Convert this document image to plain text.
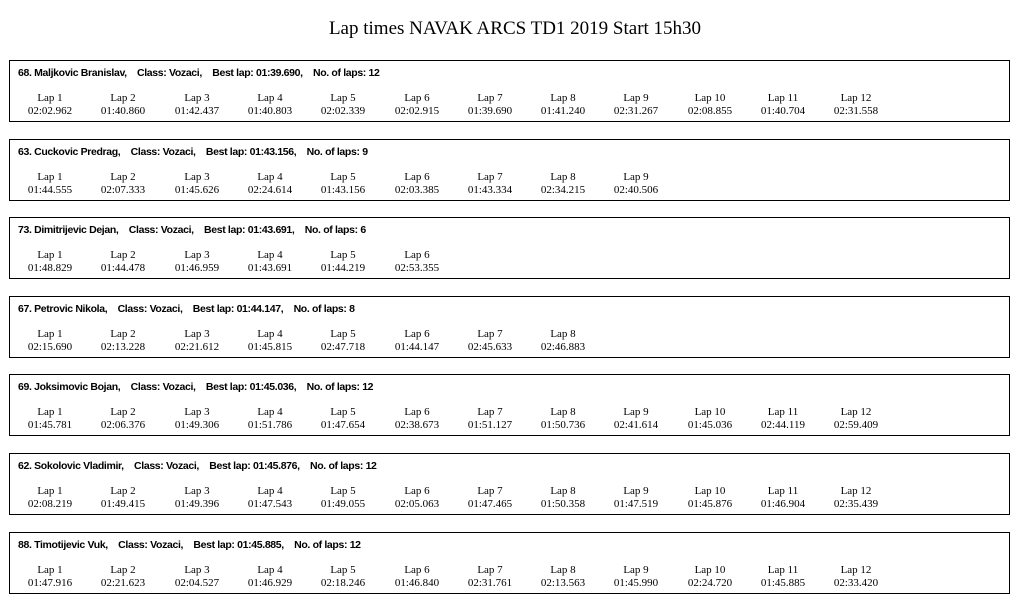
Lap times NAVAK ARCS TD1 2019 Start 15h30
68. Maljkovic Branislav, Class: Vozaci, Best lap: 01:39.690, No. of laps: 12
Lap 1
02:02.962
Lap 2
01:40.860
Lap 3
01:42.437
Lap 4
01:40.803
Lap 5
02:02.339
Lap 6
02:02.915
Lap 7
01:39.690
Lap 8
01:41.240
Lap 9
02:31.267
Lap 10
02:08.855
Lap 11
01:40.704
Lap 12
02:31.558
63. Cuckovic Predrag, Class: Vozaci, Best lap: 01:43.156, No. of laps: 9
Lap 1
01:44.555
Lap 2
02:07.333
Lap 3
01:45.626
Lap 4
02:24.614
Lap 5
01:43.156
Lap 6
02:03.385
Lap 7
01:43.334
Lap 8
02:34.215
Lap 9
02:40.506
73. Dimitrijevic Dejan, Class: Vozaci, Best lap: 01:43.691, No. of laps: 6
Lap 1
01:48.829
Lap 2
01:44.478
Lap 3
01:46.959
Lap 4
01:43.691
Lap 5
01:44.219
Lap 6
02:53.355
67. Petrovic Nikola, Class: Vozaci, Best lap: 01:44.147, No. of laps: 8
Lap 1
02:15.690
Lap 2
02:13.228
Lap 3
02:21.612
Lap 4
01:45.815
Lap 5
02:47.718
Lap 6
01:44.147
Lap 7
02:45.633
Lap 8
02:46.883
69. Joksimovic Bojan, Class: Vozaci, Best lap: 01:45.036, No. of laps: 12
Lap 1
01:45.781
Lap 2
02:06.376
Lap 3
01:49.306
Lap 4
01:51.786
Lap 5
01:47.654
Lap 6
02:38.673
Lap 7
01:51.127
Lap 8
01:50.736
Lap 9
02:41.614
Lap 10
01:45.036
Lap 11
02:44.119
Lap 12
02:59.409
62. Sokolovic Vladimir, Class: Vozaci, Best lap: 01:45.876, No. of laps: 12
Lap 1
02:08.219
Lap 2
01:49.415
Lap 3
01:49.396
Lap 4
01:47.543
Lap 5
01:49.055
Lap 6
02:05.063
Lap 7
01:47.465
Lap 8
01:50.358
Lap 9
01:47.519
Lap 10
01:45.876
Lap 11
01:46.904
Lap 12
02:35.439
88. Timotijevic Vuk, Class: Vozaci, Best lap: 01:45.885, No. of laps: 12
Lap 1
01:47.916
Lap 2
02:21.623
Lap 3
02:04.527
Lap 4
01:46.929
Lap 5
02:18.246
Lap 6
01:46.840
Lap 7
02:31.761
Lap 8
02:13.563
Lap 9
01:45.990
Lap 10
02:24.720
Lap 11
01:45.885
Lap 12
02:33.420
